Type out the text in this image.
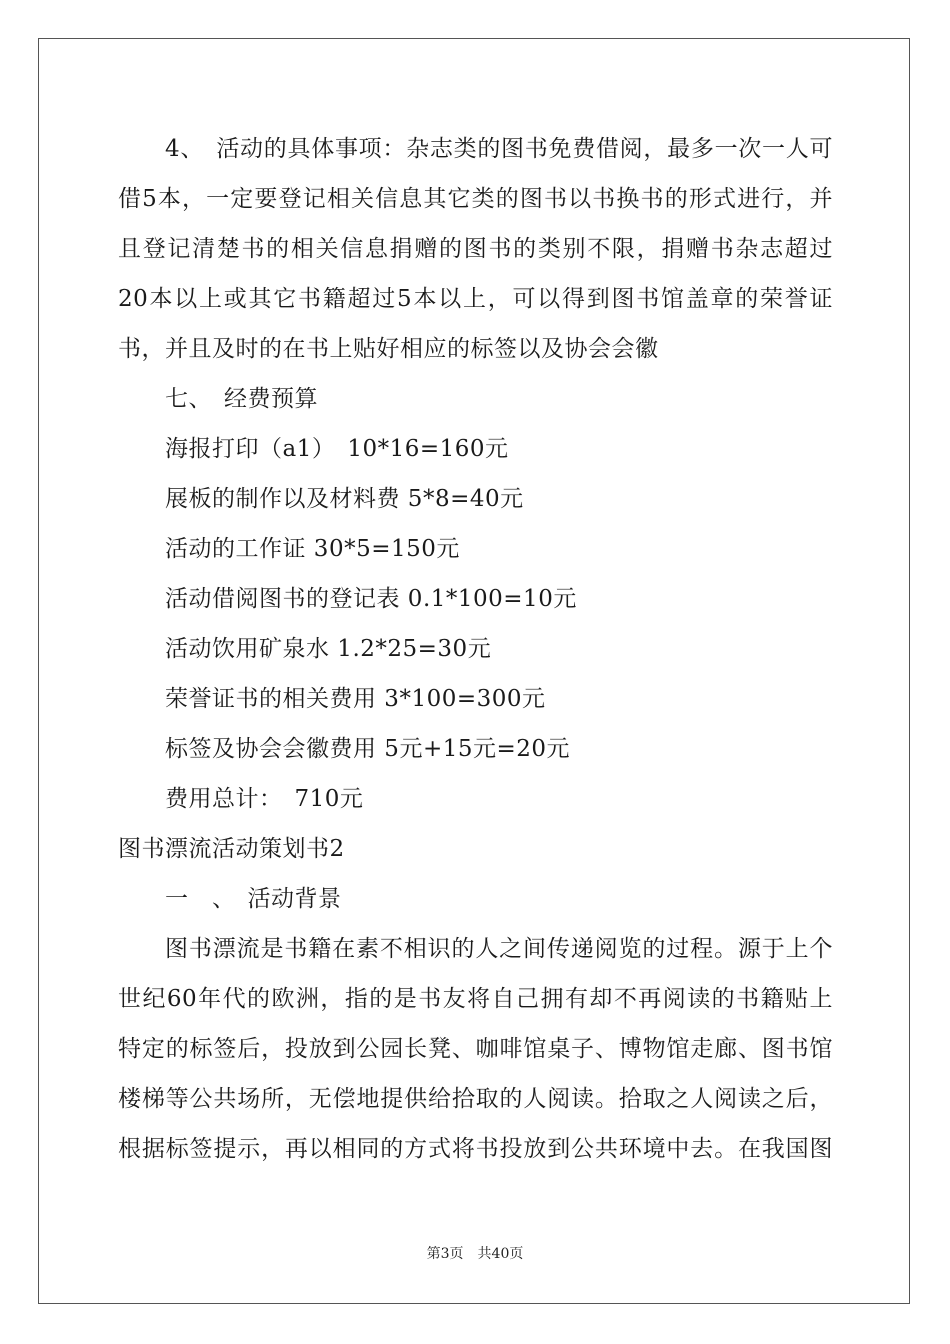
4、　活动的具体事项：杂志类的图书免费借阅，最多一次一人可
借5本，一定要登记相关信息其它类的图书以书换书的形式进行，并
且登记清楚书的相关信息捐赠的图书的类别不限，捐赠书杂志超过
20本以上或其它书籍超过5本以上，可以得到图书馆盖章的荣誉证
书，并且及时的在书上贴好相应的标签以及协会会徽
七、　经费预算
海报打印（a1）　10*16=160元
展板的制作以及材料费 5*8=40元
活动的工作证 30*5=150元
活动借阅图书的登记表 0.1*100=10元
活动饮用矿泉水 1.2*25=30元
荣誉证书的相关费用 3*100=300元
标签及协会会徽费用 5元+15元=20元
费用总计：　710元
图书漂流活动策划书2
一　、　活动背景
图书漂流是书籍在素不相识的人之间传递阅览的过程。源于上个
世纪60年代的欧洲，指的是书友将自己拥有却不再阅读的书籍贴上
特定的标签后，投放到公园长凳、咖啡馆桌子、博物馆走廊、图书馆
楼梯等公共场所，无偿地提供给拾取的人阅读。拾取之人阅读之后，
根据标签提示，再以相同的方式将书投放到公共环境中去。在我国图
第3页　共40页
